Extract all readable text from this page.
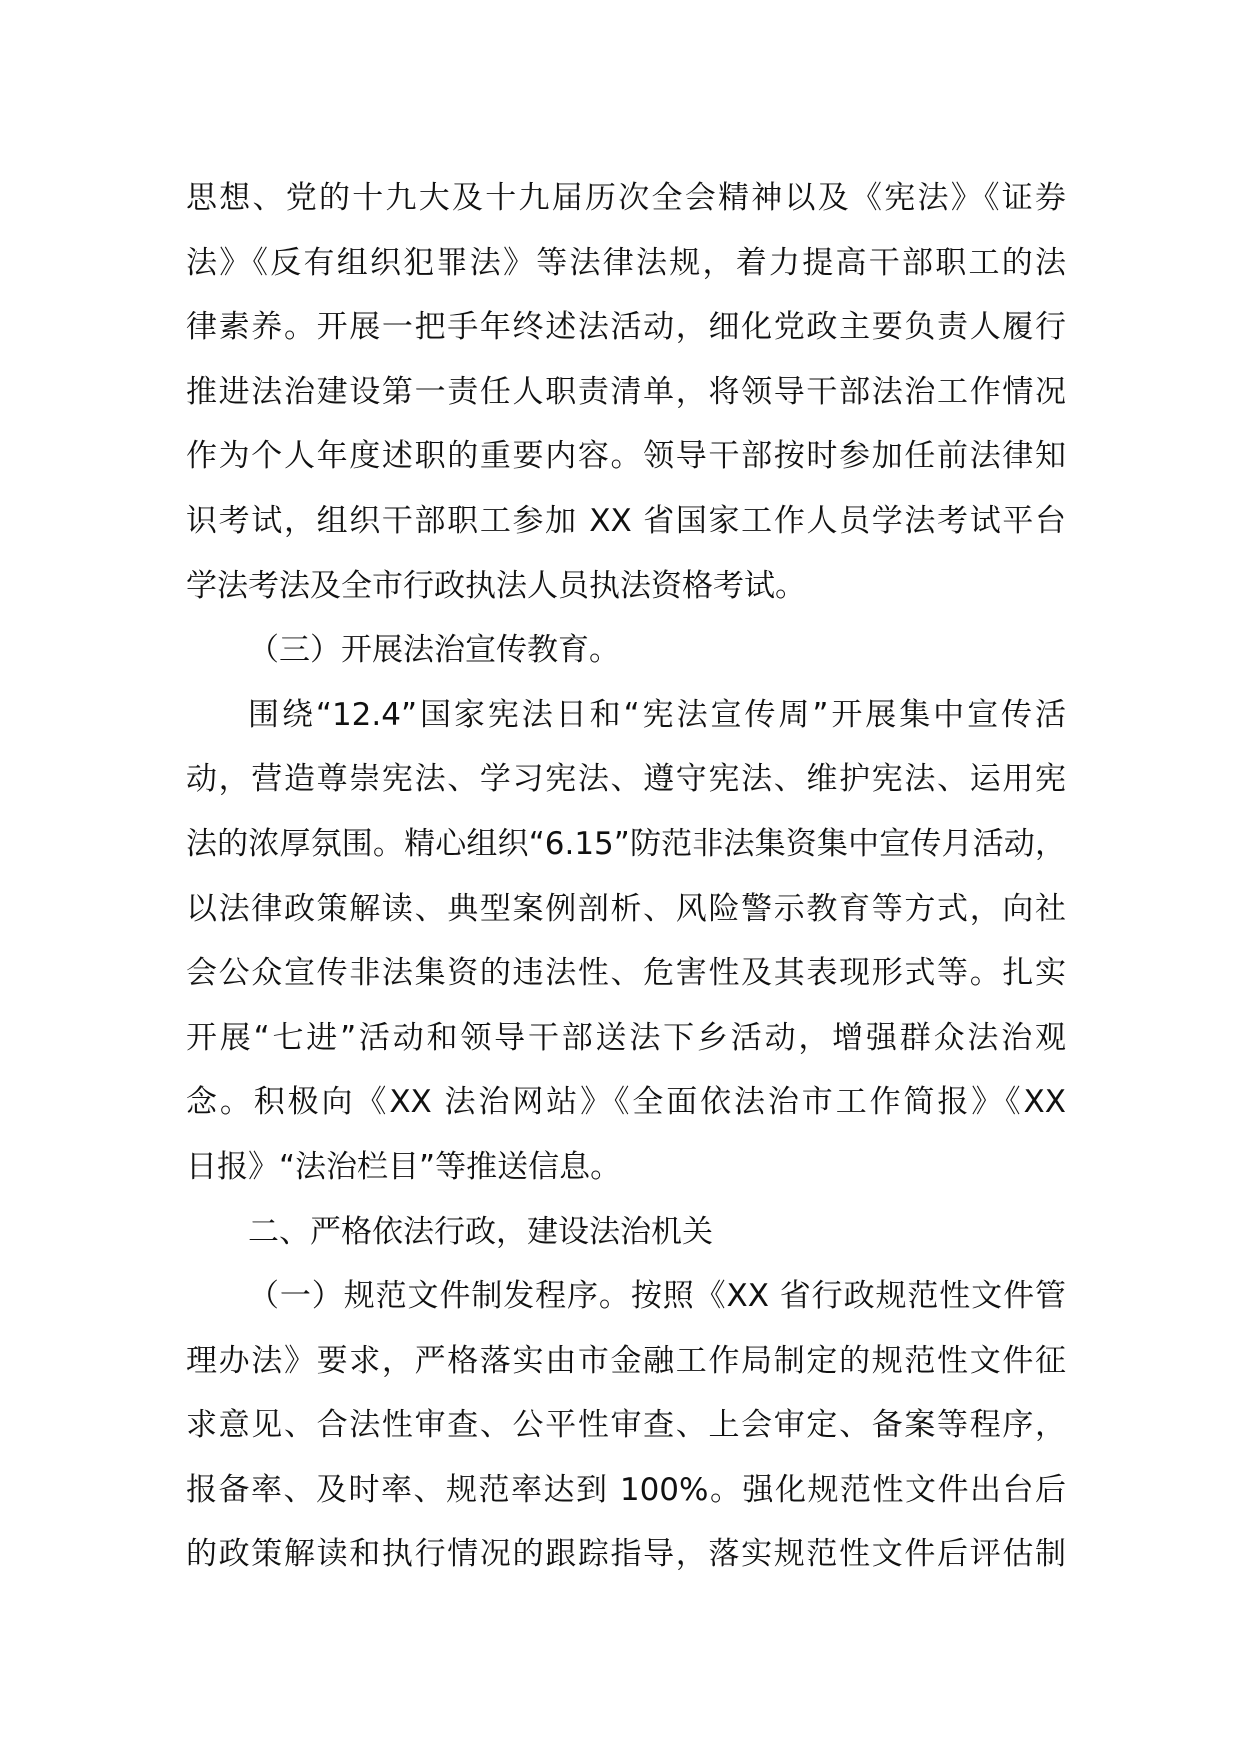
思想、党的十九大及十九届历次全会精神以及《宪法》《证券
法》《反有组织犯罪法》等法律法规，着力提高干部职工的法
律素养。开展一把手年终述法活动，细化党政主要负责人履行
推进法治建设第一责任人职责清单，将领导干部法治工作情况
作为个人年度述职的重要内容。领导干部按时参加任前法律知
识考试，组织干部职工参加 XX 省国家工作人员学法考试平台
学法考法及全市行政执法人员执法资格考试。
（三）开展法治宣传教育。
围绕“12.4”国家宪法日和“宪法宣传周”开展集中宣传活
动，营造尊崇宪法、学习宪法、遵守宪法、维护宪法、运用宪
法的浓厚氛围。精心组织“6.15”防范非法集资集中宣传月活动，
以法律政策解读、典型案例剖析、风险警示教育等方式，向社
会公众宣传非法集资的违法性、危害性及其表现形式等。扎实
开展“七进”活动和领导干部送法下乡活动，增强群众法治观
念。积极向《XX 法治网站》《全面依法治市工作简报》《XX
日报》“法治栏目”等推送信息。
二、严格依法行政，建设法治机关
（一）规范文件制发程序。按照《XX 省行政规范性文件管
理办法》要求，严格落实由市金融工作局制定的规范性文件征
求意见、合法性审查、公平性审查、上会审定、备案等程序，
报备率、及时率、规范率达到 100%。强化规范性文件出台后
的政策解读和执行情况的跟踪指导，落实规范性文件后评估制
